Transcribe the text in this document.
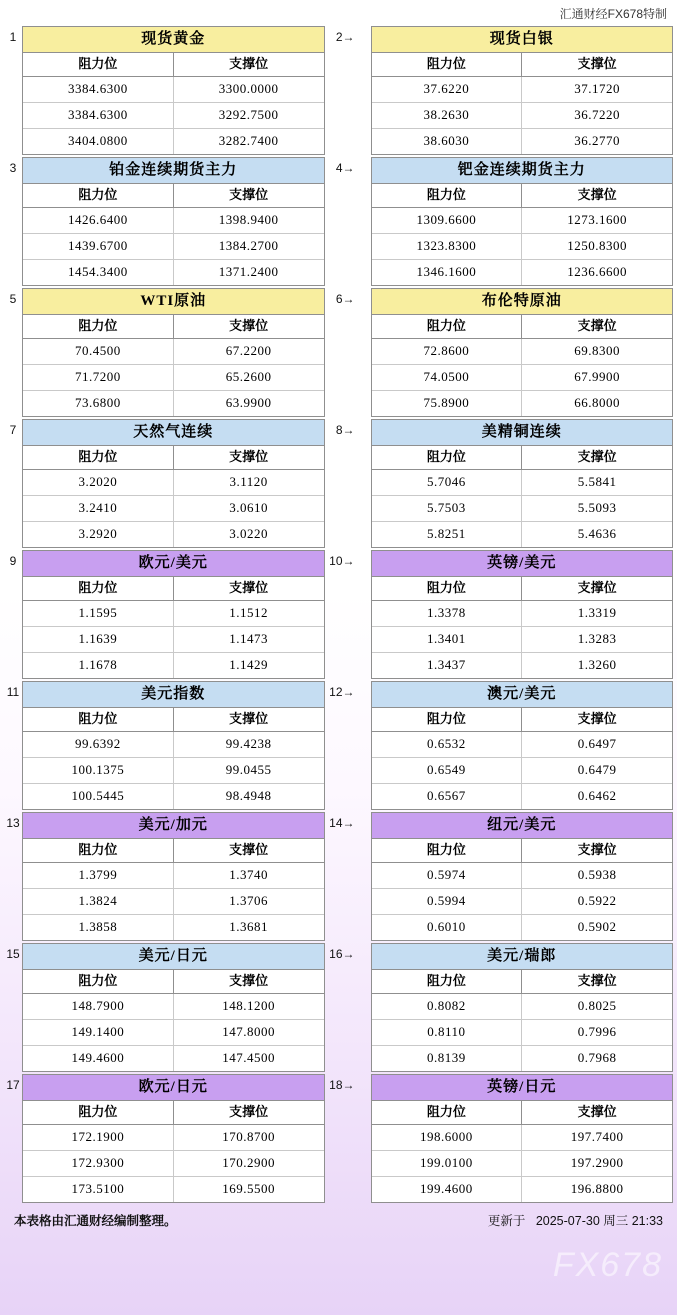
汇通财经FX678特制
1	现货黄金
阻力位	支撑位
3384.6300	3300.0000
3384.6300	3292.7500
3404.0800	3282.7400
2→	现货白银
阻力位	支撑位
37.6220	37.1720
38.2630	36.7220
38.6030	36.2770
3	铂金连续期货主力
阻力位	支撑位
1426.6400	1398.9400
1439.6700	1384.2700
1454.3400	1371.2400
4→	钯金连续期货主力
阻力位	支撑位
1309.6600	1273.1600
1323.8300	1250.8300
1346.1600	1236.6600
5	WTI原油
阻力位	支撑位
70.4500	67.2200
71.7200	65.2600
73.6800	63.9900
6→	布伦特原油
阻力位	支撑位
72.8600	69.8300
74.0500	67.9900
75.8900	66.8000
7	天然气连续
阻力位	支撑位
3.2020	3.1120
3.2410	3.0610
3.2920	3.0220
8→	美精铜连续
阻力位	支撑位
5.7046	5.5841
5.7503	5.5093
5.8251	5.4636
9	欧元/美元
阻力位	支撑位
1.1595	1.1512
1.1639	1.1473
1.1678	1.1429
10→	英镑/美元
阻力位	支撑位
1.3378	1.3319
1.3401	1.3283
1.3437	1.3260
11	美元指数
阻力位	支撑位
99.6392	99.4238
100.1375	99.0455
100.5445	98.4948
12→	澳元/美元
阻力位	支撑位
0.6532	0.6497
0.6549	0.6479
0.6567	0.6462
13	美元/加元
阻力位	支撑位
1.3799	1.3740
1.3824	1.3706
1.3858	1.3681
14→	纽元/美元
阻力位	支撑位
0.5974	0.5938
0.5994	0.5922
0.6010	0.5902
15	美元/日元
阻力位	支撑位
148.7900	148.1200
149.1400	147.8000
149.4600	147.4500
16→	美元/瑞郎
阻力位	支撑位
0.8082	0.8025
0.8110	0.7996
0.8139	0.7968
17	欧元/日元
阻力位	支撑位
172.1900	170.8700
172.9300	170.2900
173.5100	169.5500
18→	英镑/日元
阻力位	支撑位
198.6000	197.7400
199.0100	197.2900
199.4600	196.8800
本表格由汇通财经编制整理。	更新于 2025-07-30 周三 21:33
FX678
